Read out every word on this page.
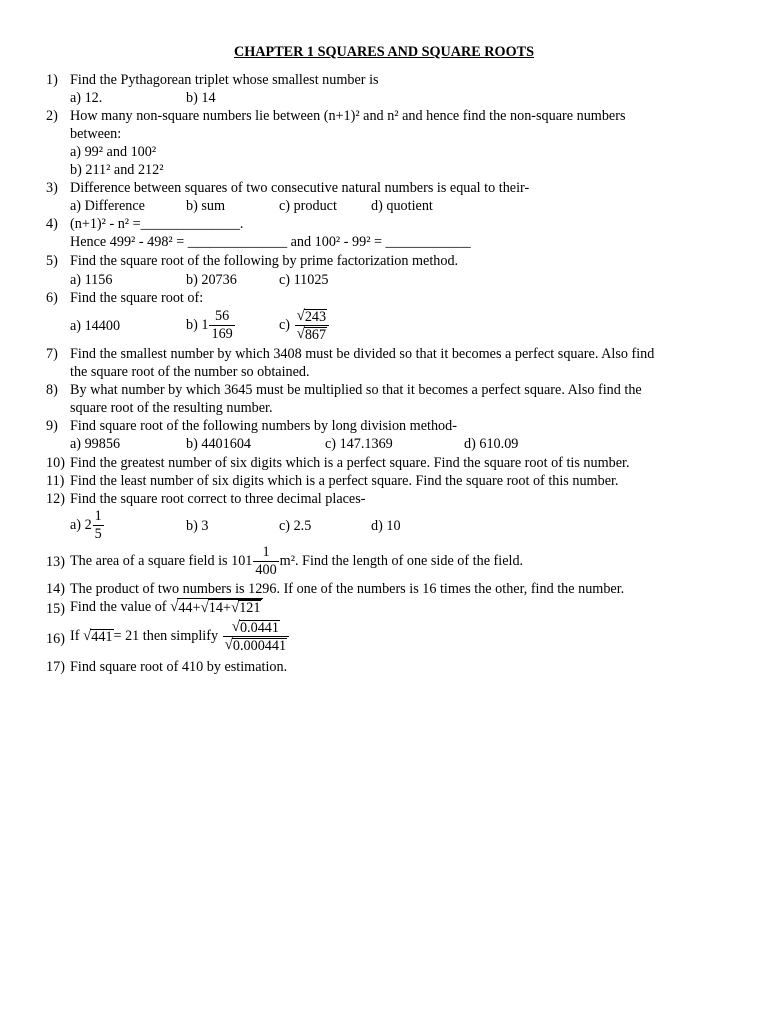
CHAPTER 1 SQUARES AND SQUARE ROOTS
1) Find the Pythagorean triplet whose smallest number is
a) 12.	b) 14
2) How many non-square numbers lie between (n+1)² and n² and hence find the non-square numbers
between:
a) 99² and 100²
b) 211² and 212²
3) Difference between squares of two consecutive natural numbers is equal to their-
a) Difference	b) sum	c) product d) quotient
4) (n+1)² - n² =______________.
Hence 499² - 498² = ______________ and 100² - 99² = ____________
5) Find the square root of the following by prime factorization method.
a) 1156	b) 20736	c) 11025
6) Find the square root of:
a) 14400	b) $1 \frac{56}{169}$	$c) \frac{√ 243}{√ 867}$
7) Find the smallest number by which 3408 must be divided so that it becomes a perfect square. Also find
the square root of the number so obtained.
8) By what number by which 3645 must be multiplied so that it becomes a perfect square. Also find the
square root of the resulting number.
9) Find square root of the following numbers by long division method-
a) 99856	b) 4401604	c) 147.1369	d) 610.09
10) Find the greatest number of six digits which is a perfect square. Find the square root of tis number.
11) Find the least number of six digits which is a perfect square. Find the square root of this number.
12) Find the square root correct to three decimal places-
a) $2 \frac{1}{5}$	b) 3	c) 2.5	d) 10
13) The area of a square field is $101 \frac{1}{400} m^2$. Find the length of one side of the field.
14) The product of two numbers is 1296. If one of the numbers is 16 times the other, find the number.
15) Find the value of √ 44+ √ 14+ √ 121
16) If √ 441 = 21 then simplify $\frac{√ 0.0441}{√ 0.000441}$
17) Find square root of 410 by estimation.
